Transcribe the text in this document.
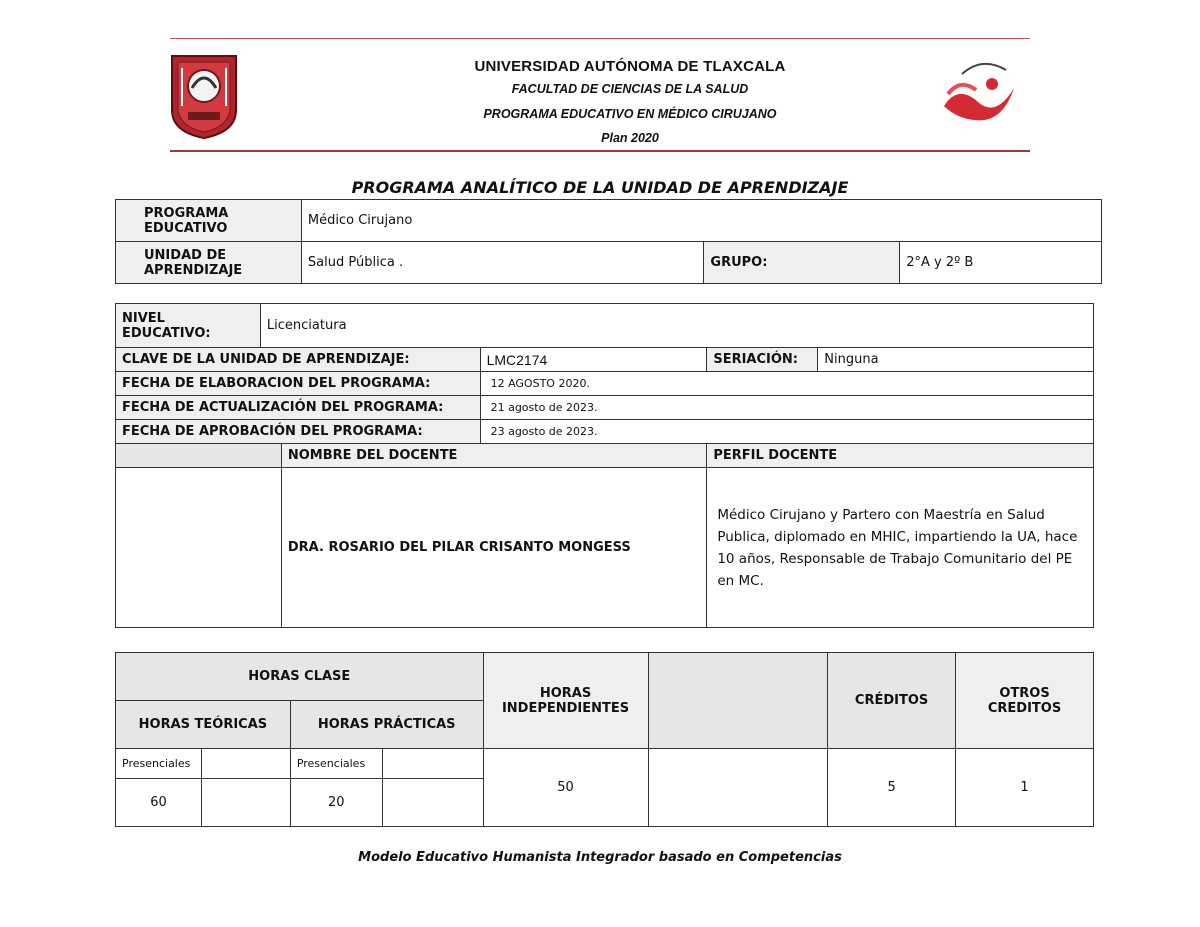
UNIVERSIDAD AUTÓNOMA DE TLAXCALA
FACULTAD DE CIENCIAS DE LA SALUD
PROGRAMA EDUCATIVO EN MÉDICO CIRUJANO
Plan 2020
PROGRAMA ANALÍTICO DE LA UNIDAD DE APRENDIZAJE
PROGRAMA EDUCATIVO	Médico Cirujano		
UNIDAD DE APRENDIZAJE	Salud Pública .	GRUPO:	2°A y 2º B
NIVEL EDUCATIVO:	Licenciatura				
CLAVE DE LA UNIDAD DE APRENDIZAJE:			LMC2174	SERIACIÓN:	Ninguna
FECHA DE ELABORACION DEL PROGRAMA:			12 AGOSTO 2020.		
FECHA DE ACTUALIZACIÓN DEL PROGRAMA:			21 agosto de 2023.		
FECHA DE APROBACIÓN DEL PROGRAMA:			23 agosto de 2023.		
		NOMBRE DEL DOCENTE		PERFIL DOCENTE	
		DRA. ROSARIO DEL PILAR CRISANTO MONGESS		Médico Cirujano y Partero con Maestría en Salud Publica, diplomado en MHIC, impartiendo la UA, hace 10 años, Responsable de Trabajo Comunitario del PE en MC.	
HORAS CLASE				HORAS INDEPENDIENTES		CRÉDITOS	OTROS CREDITOS
HORAS TEÓRICAS		HORAS PRÁCTICAS					
Presenciales		Presenciales		50		5	1
60		20					
Modelo Educativo Humanista Integrador basado en Competencias
